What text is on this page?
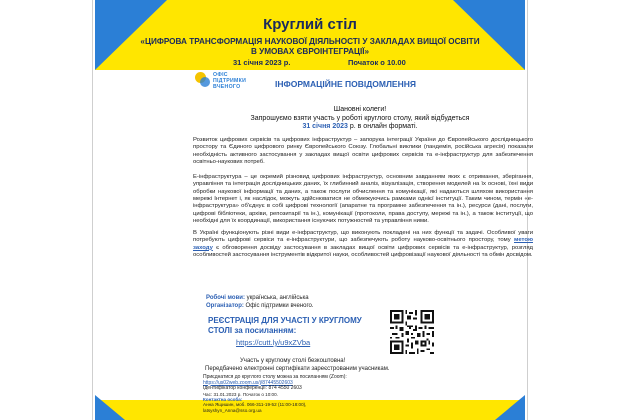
Круглий стіл
«ЦИФРОВА ТРАНСФОРМАЦІЯ НАУКОВОЇ ДІЯЛЬНОСТІ У ЗАКЛАДАХ ВИЩОЇ ОСВІТИ В УМОВАХ ЄВРОІНТЕГРАЦІЇ»
31 січня 2023 р.	Початок о 10.00
ОФІС
ПІДТРИМКИ
ВЧЕНОГО	ІНФОРМАЦІЙНЕ ПОВІДОМЛЕННЯ
Шановні колеги!
Запрошуємо взяти участь у роботі круглого столу, який відбудеться
31 січня 2023 р. в онлайн форматі.
Розвиток цифрових сервісів та цифрових інфраструктур – запорука інтеграції України до Європейського дослідницького простору та Єдиного цифрового ринку Європейського Союзу. Глобальні виклики (пандемія, російська агресія) показали необхідність активного застосування у закладах вищої освіти цифрових сервісів та е-інфраструктур для забезпечення освітньо-наукових потреб.
Е-інфраструктура – це окремий різновид цифрових інфраструктур, основним завданням яких є отримання, зберігання, управління та інтеграція дослідницьких даних, їх глибинний аналіз, візуалізація, створення моделей на їх основі, їхні види обробки наукової інформації та даних, а також послуги обчислення та комунікації, які надаються шляхом використання мережі Інтернет і, як наслідок, можуть здійснюватися не обмежуючись рамками однієї інституції. Таким чином, термін «е-інфраструктура» об'єднує в собі цифрові технології (апаратне та програмне забезпечення та ін.), ресурси (дані, послуги, цифрові бібліотеки, архіви, репозитарії та ін.), комунікації (протоколи, права доступу, мережі та ін.), а також інституції, що необхідні для їх координації, використання існуючих потужностей та управління ними.
В Україні функціонують різні види е-інфраструктур, що виконують покладені на них функції та задачі. Особливої уваги потребують цифрові сервіси та е-інфраструктури, що забезпечують роботу науково-освітнього простору, тому метою заходу є обговорення досвіду застосування в закладах вищої освіти цифрових сервісів та е-інфраструктур, розгляд особливостей застосування інструментів відкритої науки, особливостей цифровізації наукової діяльності та обмін досвідом.
Робочі мови: українська, англійська
Організатор: Офіс підтримки вченого.
РЕЄСТРАЦІЯ ДЛЯ УЧАСТІ У КРУГЛОМУ СТОЛІ за посиланням:
https://cutt.ly/u9xZVba
Участь у круглому столі безкоштовна!
Передбачено електронні сертифікати зареєстрованим учасникам.
Приєднатися до круглого столу можна за посиланням (Zoom):
https://us02web.zoom.us/j/87445502603
Ідентифікатор конференції: 874 4550 2603
Час: 31.01.2023 р. Початок о 10:00.
Контактна особа:
Анна Ящишин, моб. 066-311-19-52 (11:00-18:00),
latsyshyn_Anna@sso.org.ua
